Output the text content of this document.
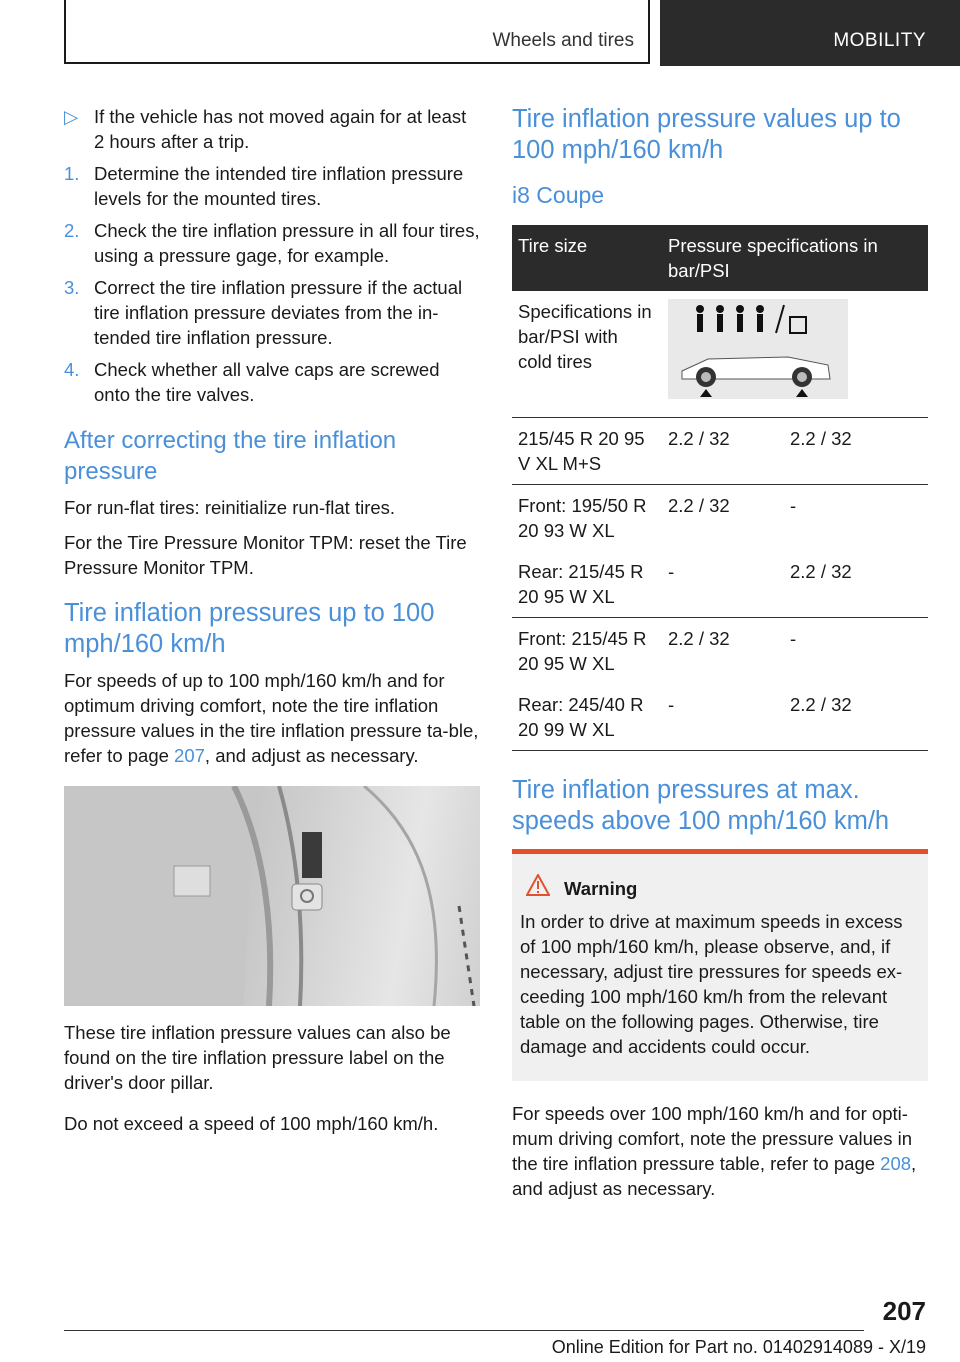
Wheels and tires	MOBILITY
▷ If the vehicle has not moved again for at least 2 hours after a trip.
1. Determine the intended tire inflation pressure levels for the mounted tires.
2. Check the tire inflation pressure in all four tires, using a pressure gage, for example.
3. Correct the tire inflation pressure if the actual tire inflation pressure deviates from the in‐tended tire inflation pressure.
4. Check whether all valve caps are screwed onto the tire valves.
After correcting the tire inflation pressure

For run-flat tires: reinitialize run-flat tires.

For the Tire Pressure Monitor TPM: reset the Tire Pressure Monitor TPM.

Tire inflation pressures up to 100 mph/160 km/h

For speeds of up to 100 mph/160 km/h and for optimum driving comfort, note the tire inflation pressure values in the tire inflation pressure ta‐ble, refer to page 207, and adjust as necessary.

These tire inflation pressure values can also be found on the tire inflation pressure label on the driver's door pillar.

Do not exceed a speed of 100 mph/160 km/h.

Tire inflation pressure values up to 100 mph/160 km/h
i8 Coupe
Tire size	Pressure specifications in bar/PSI	
Specifications in bar/PSI with cold tires	
215/45 R 20 95 V XL M+S	2.2 / 32	2.2 / 32
Front: 195/50 R 20 93 W XL	2.2 / 32	-
Rear: 215/45 R 20 95 W XL	-	2.2 / 32
Front: 215/45 R 20 95 W XL	2.2 / 32	-
Rear: 245/40 R 20 99 W XL	-	2.2 / 32
Tire inflation pressures at max. speeds above 100 mph/160 km/h

Warning

In order to drive at maximum speeds in excess of 100 mph/160 km/h, please observe, and, if necessary, adjust tire pressures for speeds ex‐ceeding 100 mph/160 km/h from the relevant table on the following pages. Otherwise, tire damage and accidents could occur.

For speeds over 100 mph/160 km/h and for opti‐mum driving comfort, note the pressure values in the tire inflation pressure table, refer to page 208, and adjust as necessary.

207
Online Edition for Part no. 01402914089 - X/19
